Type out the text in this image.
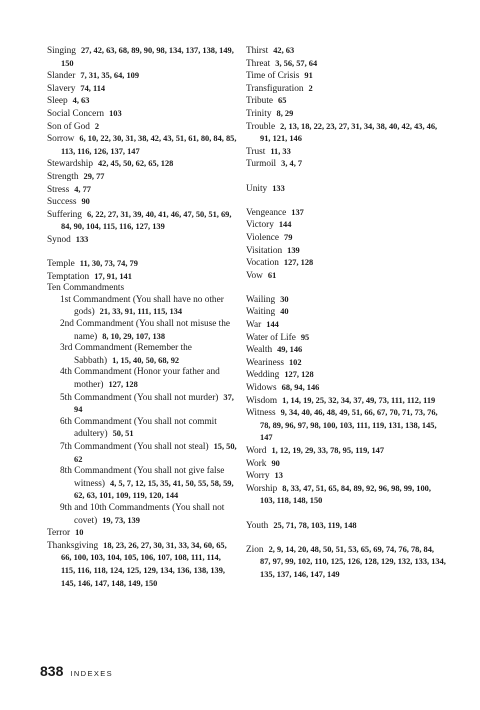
Singing 27, 42, 63, 68, 89, 90, 98, 134, 137, 138, 149, 150
Slander 7, 31, 35, 64, 109
Slavery 74, 114
Sleep 4, 63
Social Concern 103
Son of God 2
Sorrow 6, 10, 22, 30, 31, 38, 42, 43, 51, 61, 80, 84, 85, 113, 116, 126, 137, 147
Stewardship 42, 45, 50, 62, 65, 128
Strength 29, 77
Stress 4, 77
Success 90
Suffering 6, 22, 27, 31, 39, 40, 41, 46, 47, 50, 51, 69, 84, 90, 104, 115, 116, 127, 139
Synod 133
Temple 11, 30, 73, 74, 79
Temptation 17, 91, 141
Ten Commandments
1st Commandment (You shall have no other gods) 21, 33, 91, 111, 115, 134
2nd Commandment (You shall not misuse the name) 8, 10, 29, 107, 138
3rd Commandment (Remember the Sabbath) 1, 15, 40, 50, 68, 92
4th Commandment (Honor your father and mother) 127, 128
5th Commandment (You shall not murder) 37, 94
6th Commandment (You shall not commit adultery) 50, 51
7th Commandment (You shall not steal) 15, 50, 62
8th Commandment (You shall not give false witness) 4, 5, 7, 12, 15, 35, 41, 50, 55, 58, 59, 62, 63, 101, 109, 119, 120, 144
9th and 10th Commandments (You shall not covet) 19, 73, 139
Terror 10
Thanksgiving 18, 23, 26, 27, 30, 31, 33, 34, 60, 65, 66, 100, 103, 104, 105, 106, 107, 108, 111, 114, 115, 116, 118, 124, 125, 129, 134, 136, 138, 139, 145, 146, 147, 148, 149, 150
Thirst 42, 63
Threat 3, 56, 57, 64
Time of Crisis 91
Transfiguration 2
Tribute 65
Trinity 8, 29
Trouble 2, 13, 18, 22, 23, 27, 31, 34, 38, 40, 42, 43, 46, 91, 121, 146
Trust 11, 33
Turmoil 3, 4, 7
Unity 133
Vengeance 137
Victory 144
Violence 79
Visitation 139
Vocation 127, 128
Vow 61
Wailing 30
Waiting 40
War 144
Water of Life 95
Wealth 49, 146
Weariness 102
Wedding 127, 128
Widows 68, 94, 146
Wisdom 1, 14, 19, 25, 32, 34, 37, 49, 73, 111, 112, 119
Witness 9, 34, 40, 46, 48, 49, 51, 66, 67, 70, 71, 73, 76, 78, 89, 96, 97, 98, 100, 103, 111, 119, 131, 138, 145, 147
Word 1, 12, 19, 29, 33, 78, 95, 119, 147
Work 90
Worry 13
Worship 8, 33, 47, 51, 65, 84, 89, 92, 96, 98, 99, 100, 103, 118, 148, 150
Youth 25, 71, 78, 103, 119, 148
Zion 2, 9, 14, 20, 48, 50, 51, 53, 65, 69, 74, 76, 78, 84, 87, 97, 99, 102, 110, 125, 126, 128, 129, 132, 133, 134, 135, 137, 146, 147, 149
838 INDEXES
